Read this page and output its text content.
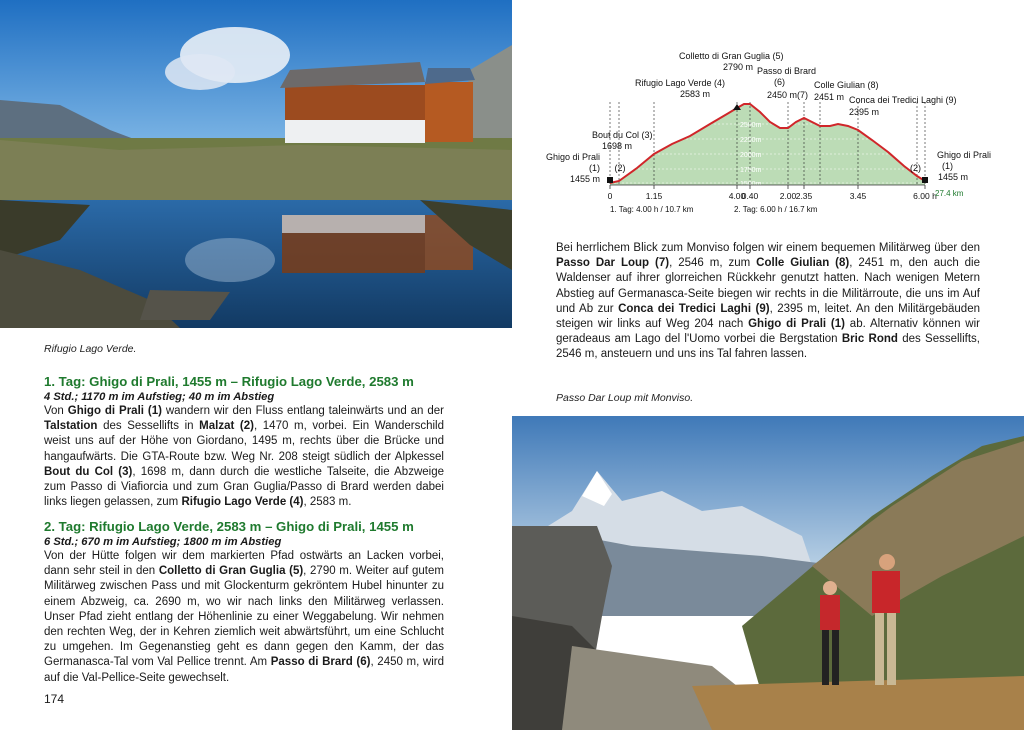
2500m
2250m
2000m
1750m
1500m
Ghigo di Prali
(1)
1455 m
(2)
Bout du Col (3)
1698 m
Rifugio Lago Verde (4)
2583 m
Colletto di Gran Guglia (5)
2790 m Passo di Brard
(6)
2450 m (7)
Colle Giulian (8)
2451 m Conca dei Tredici Laghi (9)
2395 m
(2)
Ghigo di Prali
(1)
1455 m
0	1.15	4.00
0.40	2.00 2.35	3.45	6.00 h
1. Tag: 4.00 h / 10.7 km	2. Tag: 6.00 h / 16.7 km
27.4 km
Rifugio Lago Verde.
1. Tag: Ghigo di Prali, 1455 m – Rifugio Lago Verde, 2583 m
4 Std.; 1170 m im Aufstieg; 40 m im Abstieg

Von Ghigo di Prali (1) wandern wir den Fluss entlang taleinwärts und an der Talstation des Sessellifts in Malzat (2), 1470 m, vorbei. Ein Wanderschild weist uns auf der Höhe von Giordano, 1495 m, rechts über die Brücke und hangaufwärts. Die GTA-Route bzw. Weg Nr. 208 steigt südlich der Alpkessel Bout du Col (3), 1698 m, dann durch die westliche Talseite, die Abzweige zum Passo di Viafiorcia und zum Gran Guglia/Passo di Brard werden dabei links liegen gelassen, zum Rifugio Lago Verde (4), 2583 m.

2. Tag: Rifugio Lago Verde, 2583 m – Ghigo di Prali, 1455 m
6 Std.; 670 m im Aufstieg; 1800 m im Abstieg

Von der Hütte folgen wir dem markierten Pfad ostwärts an Lacken vorbei, dann sehr steil in den Colletto di Gran Guglia (5), 2790 m. Weiter auf gutem Militärweg zwischen Pass und mit Glockenturm gekröntem Hubel hinunter zu einem Abzweig, ca. 2690 m, wo wir nach links den Militärweg verlassen. Unser Pfad zieht entlang der Höhenlinie zu einer Weggabelung. Wir nehmen den rechten Weg, der in Kehren ziemlich weit abwärtsführt, um eine Schlucht zu umgehen. Im Gegenanstieg geht es dann gegen den Kamm, der das Germanasca-Tal vom Val Pellice trennt. Am Passo di Brard (6), 2450 m, wird auf die Val-Pellice-Seite gewechselt.

174

Bei herrlichem Blick zum Monviso folgen wir einem bequemen Militärweg über den Passo Dar Loup (7), 2546 m, zum Colle Giulian (8), 2451 m, den auch die Waldenser auf ihrer glorreichen Rückkehr genutzt hatten. Nach wenigen Metern Abstieg auf Germanasca-Seite biegen wir rechts in die Militärroute, die uns im Auf und Ab zur Conca dei Tredici Laghi (9), 2395 m, leitet. An den Militärgebäuden steigen wir links auf Weg 204 nach Ghigo di Prali (1) ab. Alternativ können wir geradeaus am Lago del l'Uomo vorbei die Bergstation Bric Rond des Sessellifts, 2546 m, ansteuern und uns ins Tal fahren lassen.

Passo Dar Loup mit Monviso.
